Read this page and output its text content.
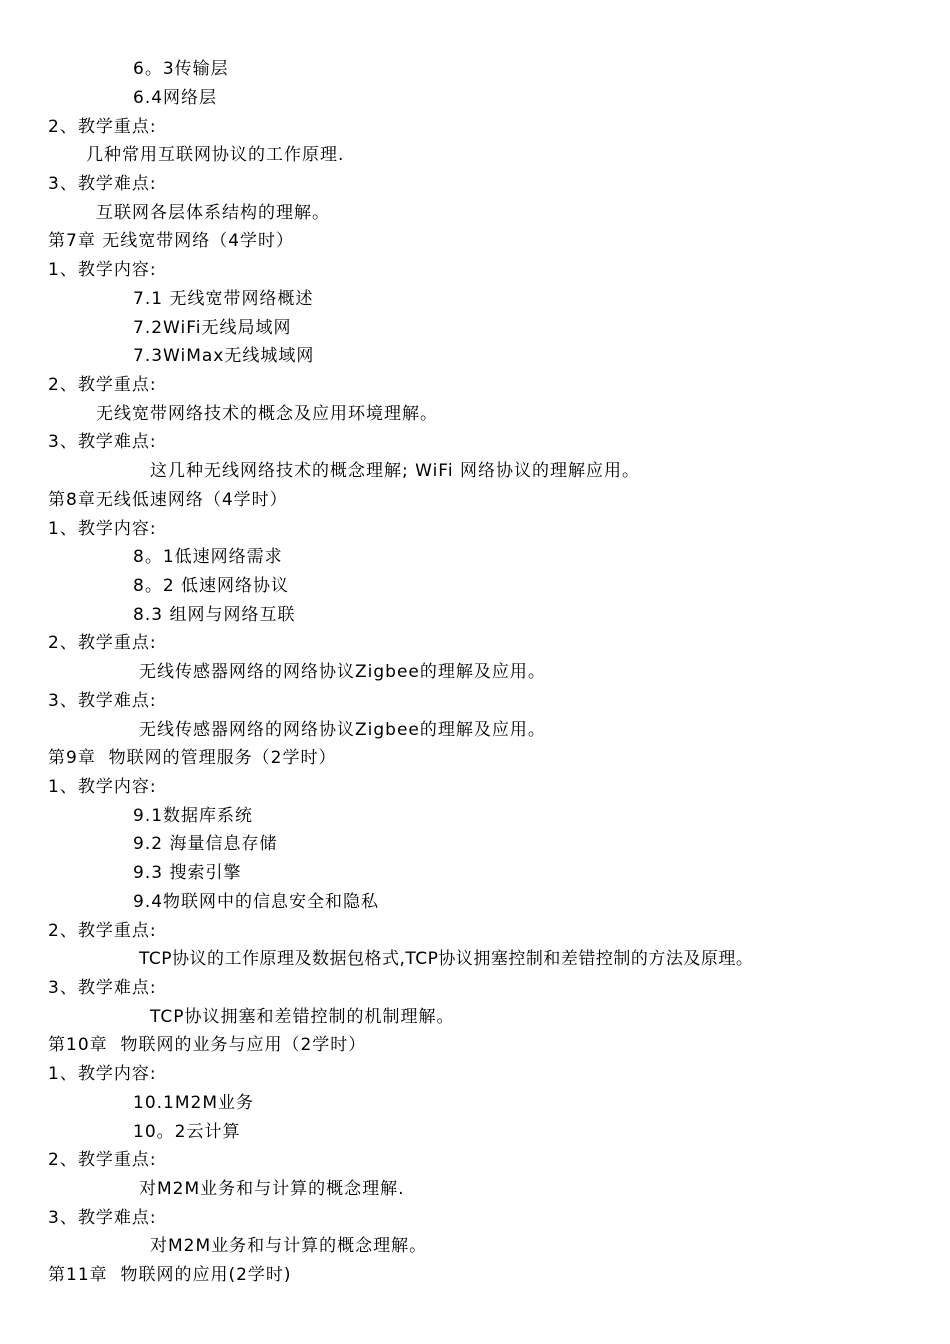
6。3传输层
6.4网络层
2、教学重点:
几种常用互联网协议的工作原理.
3、教学难点:
互联网各层体系结构的理解。
第7章 无线宽带网络（4学时）
1、教学内容:
7.1 无线宽带网络概述
7.2WiFi无线局域网
7.3WiMax无线城域网
2、教学重点:
无线宽带网络技术的概念及应用环境理解。
3、教学难点:
这几种无线网络技术的概念理解; WiFi 网络协议的理解应用。
第8章无线低速网络（4学时）
1、教学内容:
8。1低速网络需求
8。2 低速网络协议
8.3 组网与网络互联
2、教学重点:
无线传感器网络的网络协议Zigbee的理解及应用。
3、教学难点:
无线传感器网络的网络协议Zigbee的理解及应用。
第9章  物联网的管理服务（2学时）
1、教学内容:
9.1数据库系统
9.2 海量信息存储
9.3 搜索引擎
9.4物联网中的信息安全和隐私
2、教学重点:
TCP协议的工作原理及数据包格式,TCP协议拥塞控制和差错控制的方法及原理。
3、教学难点:
TCP协议拥塞和差错控制的机制理解。
第10章  物联网的业务与应用（2学时）
1、教学内容:
10.1M2M业务
10。2云计算
2、教学重点:
对M2M业务和与计算的概念理解.
3、教学难点:
对M2M业务和与计算的概念理解。
第11章  物联网的应用(2学时)
